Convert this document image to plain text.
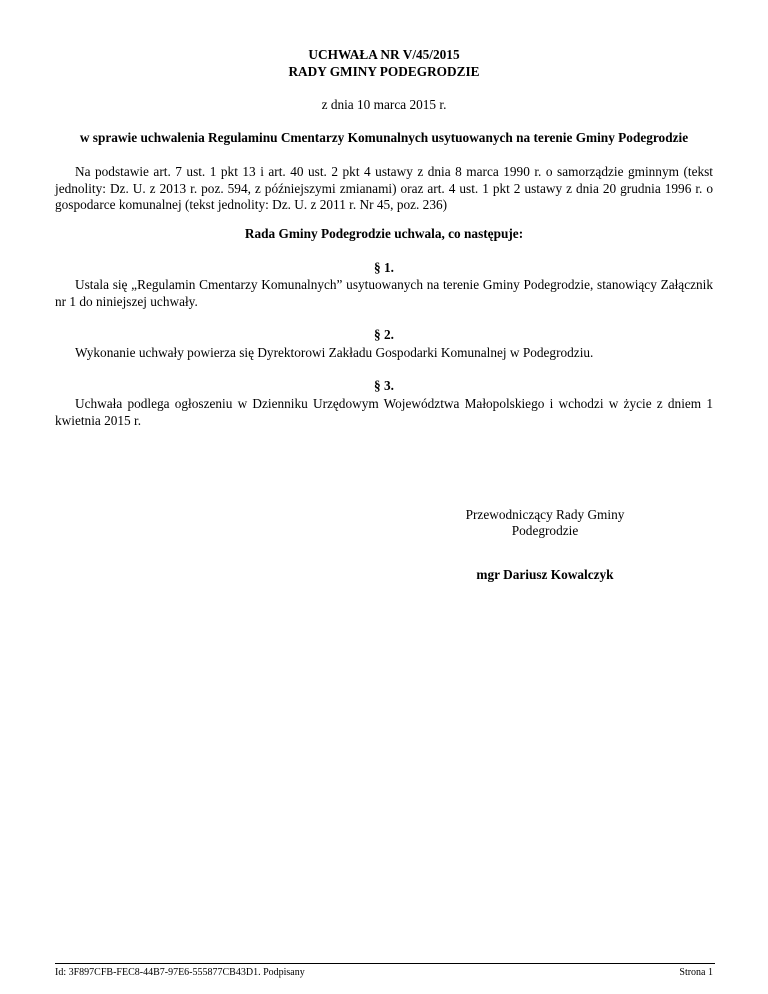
UCHWAŁA NR V/45/2015
RADY GMINY PODEGRODZIE
z dnia 10 marca 2015 r.
w sprawie uchwalenia Regulaminu Cmentarzy Komunalnych usytuowanych na terenie Gminy Podegrodzie
Na podstawie art. 7 ust. 1 pkt 13 i art. 40 ust. 2 pkt 4 ustawy z dnia 8 marca 1990 r. o samorządzie gminnym (tekst jednolity: Dz. U. z 2013 r. poz. 594, z późniejszymi zmianami) oraz art. 4 ust. 1 pkt 2 ustawy z dnia 20 grudnia 1996 r. o gospodarce komunalnej (tekst jednolity: Dz. U. z 2011 r. Nr 45, poz. 236)
Rada Gminy Podegrodzie uchwala, co następuje:
§ 1.
Ustala się „Regulamin Cmentarzy Komunalnych” usytuowanych na terenie Gminy Podegrodzie, stanowiący Załącznik nr 1 do niniejszej uchwały.
§ 2.
Wykonanie uchwały powierza się Dyrektorowi Zakładu Gospodarki Komunalnej w Podegrodziu.
§ 3.
Uchwała podlega ogłoszeniu w Dzienniku Urzędowym Województwa Małopolskiego i wchodzi w życie z dniem 1 kwietnia 2015 r.
Przewodniczący Rady Gminy
Podegrodzie
mgr Dariusz Kowalczyk
Id: 3F897CFB-FEC8-44B7-97E6-555877CB43D1. Podpisany	Strona 1
